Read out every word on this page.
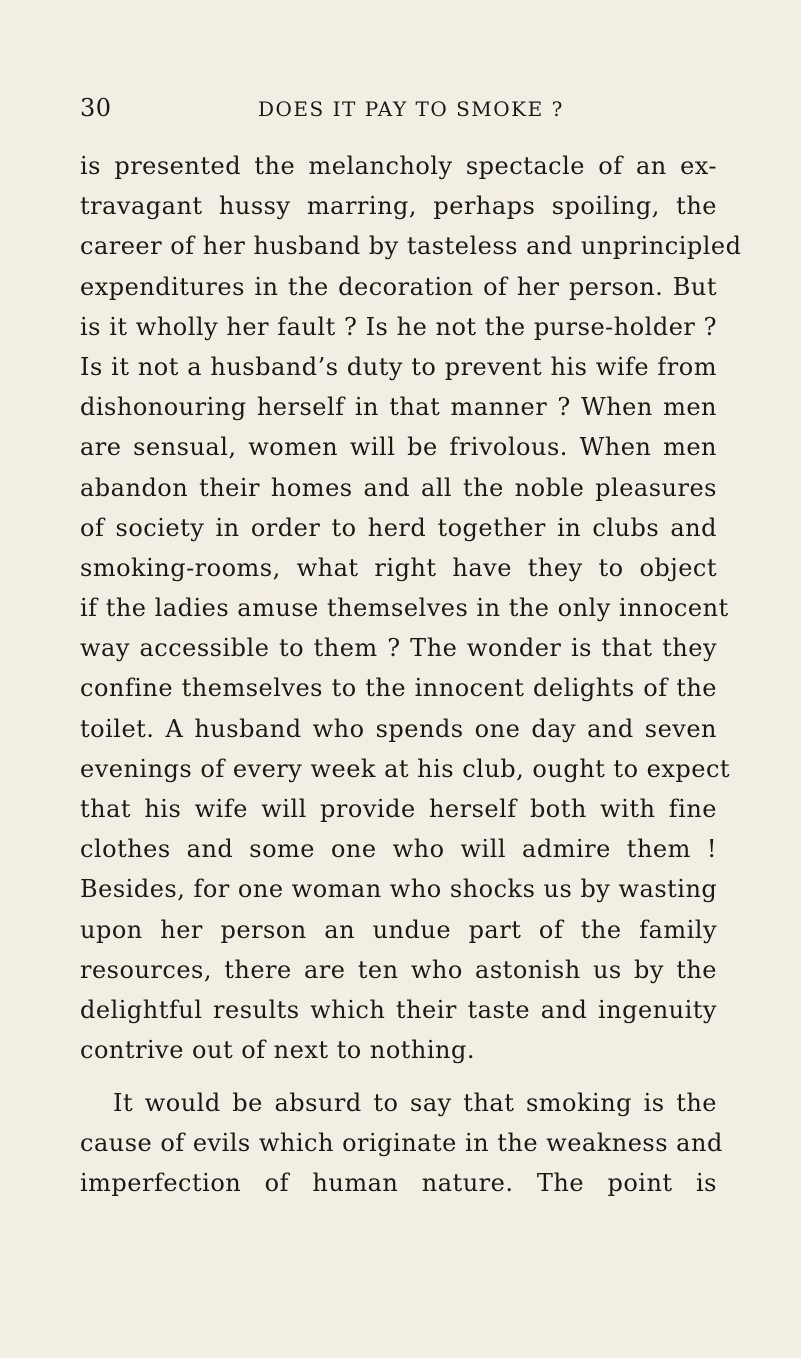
30	DOES IT PAY TO SMOKE ?
is presented the melancholy spectacle of an ex-
travagant hussy marring, perhaps spoiling, the
career of her husband by tasteless and unprincipled
expenditures in the decoration of her person. But
is it wholly her fault ? Is he not the purse-holder ?
Is it not a husband’s duty to prevent his wife from
dishonouring herself in that manner ? When men
are sensual, women will be frivolous. When men
abandon their homes and all the noble pleasures
of society in order to herd together in clubs and
smoking-rooms, what right have they to object
if the ladies amuse themselves in the only innocent
way accessible to them ? The wonder is that they
confine themselves to the innocent delights of the
toilet. A husband who spends one day and seven
evenings of every week at his club, ought to expect
that his wife will provide herself both with fine
clothes and some one who will admire them !
Besides, for one woman who shocks us by wasting
upon her person an undue part of the family
resources, there are ten who astonish us by the
delightful results which their taste and ingenuity
contrive out of next to nothing.
It would be absurd to say that smoking is the
cause of evils which originate in the weakness and
imperfection of human nature. The point is
